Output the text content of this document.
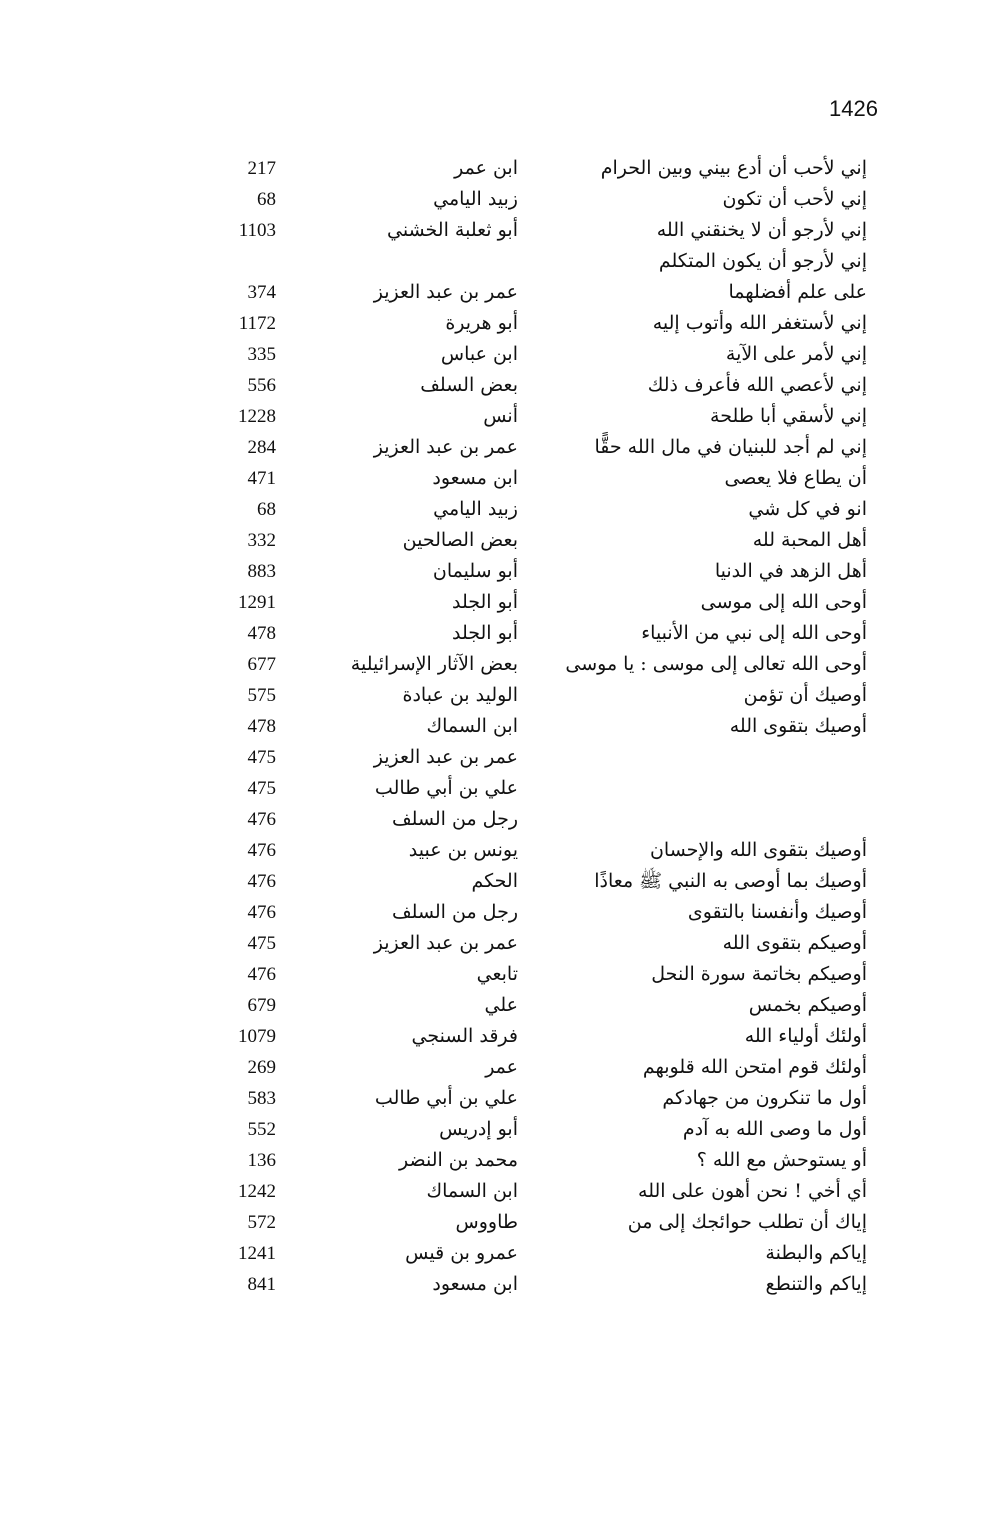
1426
إني لأحب أن أدع بيني وبين الحرام
ابن عمر
217
إني لأحب أن تكون
زبيد اليامي
68
إني لأرجو أن لا يخنقني الله
أبو ثعلبة الخشني
1103
إني لأرجو أن يكون المتكلم
على علم أفضلهما
عمر بن عبد العزيز
374
إني لأستغفر الله وأتوب إليه
أبو هريرة
1172
إني لأمر على الآية
ابن عباس
335
إني لأعصي الله فأعرف ذلك
بعض السلف
556
إني لأسقي أبا طلحة
أنس
1228
إني لم أجد للبنيان في مال الله حقًّا
عمر بن عبد العزيز
284
أن يطاع فلا يعصى
ابن مسعود
471
انو في كل شي
زبيد اليامي
68
أهل المحبة لله
بعض الصالحين
332
أهل الزهد في الدنيا
أبو سليمان
883
أوحى الله إلى موسى
أبو الجلد
1291
أوحى الله إلى نبي من الأنبياء
أبو الجلد
478
أوحى الله تعالى إلى موسى : يا موسى
بعض الآثار الإسرائيلية
677
أوصيك أن تؤمن
الوليد بن عبادة
575
أوصيك بتقوى الله
ابن السماك
478
عمر بن عبد العزيز
475
علي بن أبي طالب
475
رجل من السلف
476
أوصيك بتقوى الله والإحسان
يونس بن عبيد
476
أوصيك بما أوصى به النبي ﷺ معاذًا
الحكم
476
أوصيك وأنفسنا بالتقوى
رجل من السلف
476
أوصيكم بتقوى الله
عمر بن عبد العزيز
475
أوصيكم بخاتمة سورة النحل
تابعي
476
أوصيكم بخمس
علي
679
أولئك أولياء الله
فرقد السنجي
1079
أولئك قوم امتحن الله قلوبهم
عمر
269
أول ما تنكرون من جهادكم
علي بن أبي طالب
583
أول ما وصى الله به آدم
أبو إدريس
552
أو يستوحش مع الله ؟
محمد بن النضر
136
أي أخي ! نحن أهون على الله
ابن السماك
1242
إياك أن تطلب حوائجك إلى من
طاووس
572
إياكم والبطنة
عمرو بن قيس
1241
إياكم والتنطع
ابن مسعود
841
